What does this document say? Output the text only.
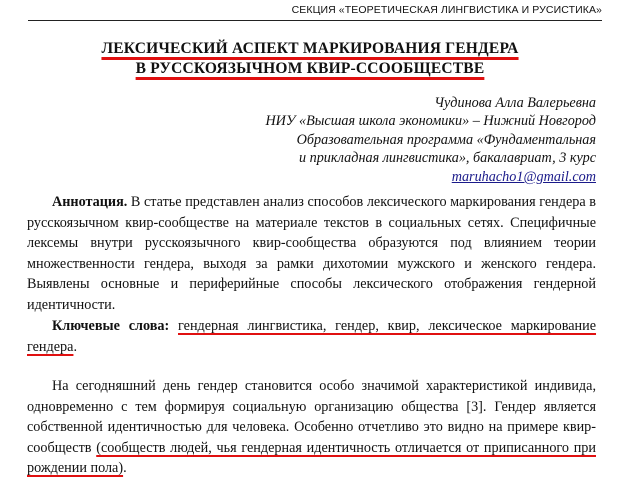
СЕКЦИЯ «ТЕОРЕТИЧЕСКАЯ ЛИНГВИСТИКА И РУСИСТИКА»
ЛЕКСИЧЕСКИЙ АСПЕКТ МАРКИРОВАНИЯ ГЕНДЕРА
В РУССКОЯЗЫЧНОМ КВИР-ССООБЩЕСТВЕ
Чудинова Алла Валерьевна
НИУ «Высшая школа экономики» – Нижний Новгород
Образовательная программа «Фундаментальная
и прикладная лингвистика», бакалавриат, 3 курс
maruhacho1@gmail.com

Аннотация. В статье представлен анализ способов лексического маркирования гендера в русскоязычном квир-сообществе на материале текстов в социальных сетях. Специфичные лексемы внутри русскоязычного квир-сообщества образуются под влиянием теории множественности гендера, выходя за рамки дихотомии мужского и женского гендера. Выявлены основные и периферийные способы лексического отображения гендерной идентичности.

Ключевые слова: гендерная лингвистика, гендер, квир, лексическое маркирование гендера.

На сегодняшний день гендер становится особо значимой характеристикой индивида, одновременно с тем формируя социальную организацию общества [3]. Гендер является собственной идентичностью для человека. Особенно отчетливо это видно на примере квир-сообществ (сообществ людей, чья гендерная идентичность отличается от приписанного при рождении пола).
